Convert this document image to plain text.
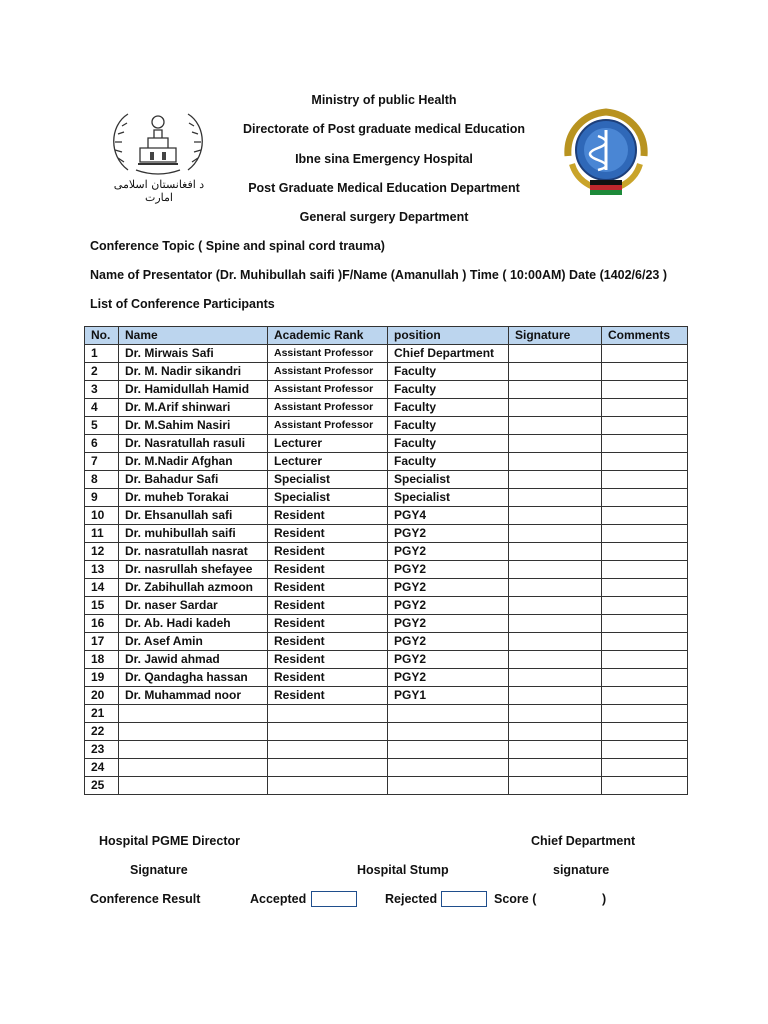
د افغانستان اسلامی امارت
Ministry of public Health
Directorate of Post graduate medical Education
Ibne sina Emergency Hospital
Post Graduate Medical Education Department
General surgery Department
Conference Topic ( Spine and spinal cord trauma)
Name of Presentator (Dr. Muhibullah saifi )F/Name (Amanullah ) Time ( 10:00AM) Date (1402/6/23 )
List of Conference Participants
No.	Name	Academic Rank	position	Signature	Comments
1	Dr. Mirwais Safi	Assistant Professor	Chief Department		
2	Dr. M. Nadir sikandri	Assistant Professor	Faculty		
3	Dr. Hamidullah Hamid	Assistant Professor	Faculty		
4	Dr. M.Arif shinwari	Assistant Professor	Faculty		
5	Dr. M.Sahim Nasiri	Assistant Professor	Faculty		
6	Dr. Nasratullah rasuli	Lecturer	Faculty		
7	Dr. M.Nadir Afghan	Lecturer	Faculty		
8	Dr. Bahadur Safi	Specialist	Specialist		
9	Dr. muheb Torakai	Specialist	Specialist		
10	Dr. Ehsanullah safi	Resident	PGY4		
11	Dr. muhibullah saifi	Resident	PGY2		
12	Dr. nasratullah nasrat	Resident	PGY2		
13	Dr. nasrullah shefayee	Resident	PGY2		
14	Dr. Zabihullah azmoon	Resident	PGY2		
15	Dr. naser Sardar	Resident	PGY2		
16	Dr. Ab. Hadi kadeh	Resident	PGY2		
17	Dr. Asef Amin	Resident	PGY2		
18	Dr. Jawid ahmad	Resident	PGY2		
19	Dr. Qandagha hassan	Resident	PGY2		
20	Dr. Muhammad noor	Resident	PGY1		
21					
22					
23					
24					
25					
Hospital PGME Director	Chief Department
Signature	Hospital Stump	signature
Conference Result	Accepted	Rejected	Score (	)
